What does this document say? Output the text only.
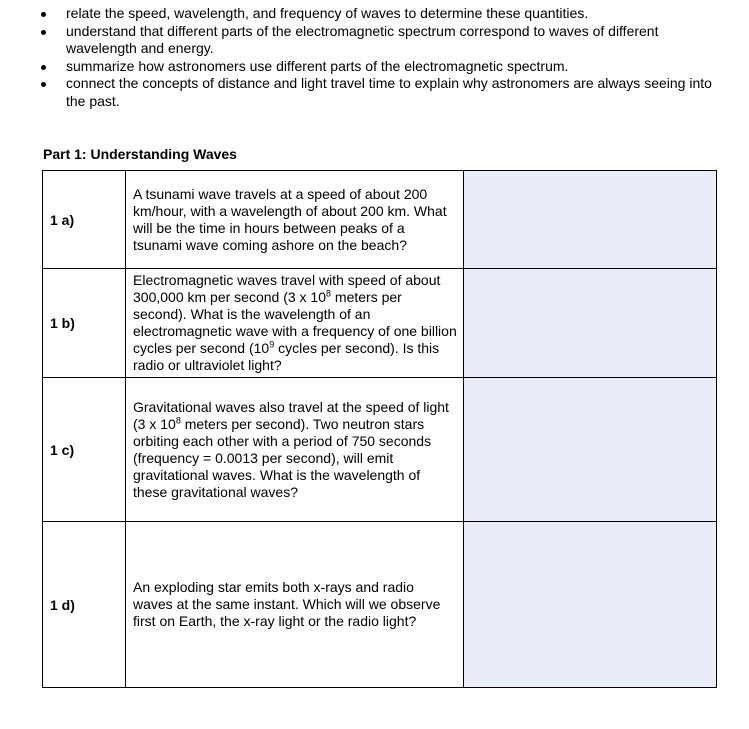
relate the speed, wavelength, and frequency of waves to determine these quantities.
understand that different parts of the electromagnetic spectrum correspond to waves of different wavelength and energy.
summarize how astronomers use different parts of the electromagnetic spectrum.
connect the concepts of distance and light travel time to explain why astronomers are always seeing into the past.
Part 1: Understanding Waves
1 a)	A tsunami wave travels at a speed of about 200 km/hour, with a wavelength of about 200 km. What will be the time in hours between peaks of a tsunami wave coming ashore on the beach?	

1 b)	Electromagnetic waves travel with speed of about 300,000 km per second (3 x $10^8$ meters per second). What is the wavelength of an electromagnetic wave with a frequency of one billion cycles per second ($10^9$ cycles per second). Is this radio or ultraviolet light?	

1 c)	Gravitational waves also travel at the speed of light (3 x $10^8$ meters per second). Two neutron stars orbiting each other with a period of 750 seconds (frequency = 0.0013 per second), will emit gravitational waves. What is the wavelength of these gravitational waves?	

1 d)	An exploding star emits both x-rays and radio waves at the same instant. Which will we observe first on Earth, the x-ray light or the radio light?	
